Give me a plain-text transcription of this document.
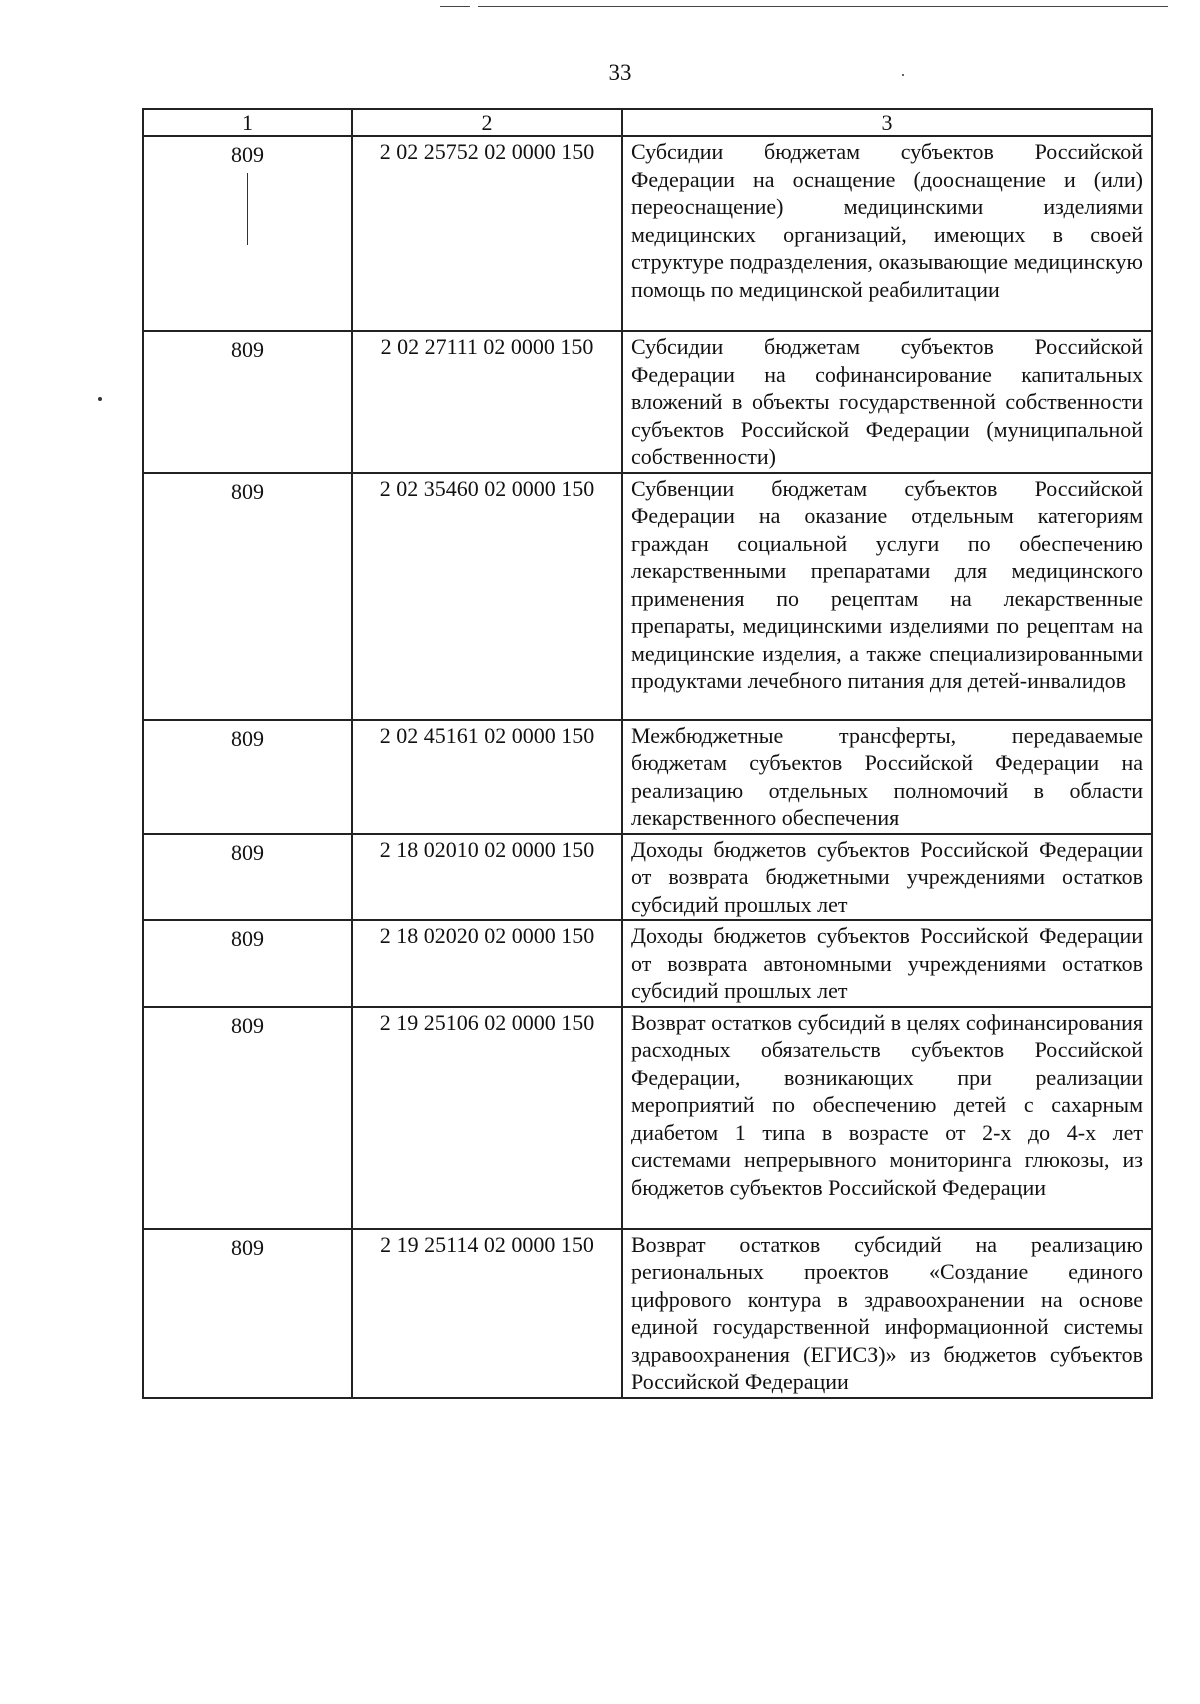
33
1	2	3

809	2 02 25752 02 0000 150	Субсидии бюджетам субъектов Российской Федерации на оснащение (дооснащение и (или) переоснащение) медицинскими изделиями медицинских организаций, имеющих в своей структуре подразделения, оказывающие медицинскую помощь по медицинской реабилитации
809	2 02 27111 02 0000 150	Субсидии бюджетам субъектов Российской Федерации на софинансирование капитальных вложений в объекты государственной собственности субъектов Российской Федерации (муниципальной собственности)
809	2 02 35460 02 0000 150	Субвенции бюджетам субъектов Российской Федерации на оказание отдельным категориям граждан социальной услуги по обеспечению лекарственными препаратами для медицинского применения по рецептам на лекарственные препараты, медицинскими изделиями по рецептам на медицинские изделия, а также специализированными продуктами лечебного питания для детей-инвалидов
809	2 02 45161 02 0000 150	Межбюджетные трансферты, передаваемые бюджетам субъектов Российской Федерации на реализацию отдельных полномочий в области лекарственного обеспечения
809	2 18 02010 02 0000 150	Доходы бюджетов субъектов Российской Федерации от возврата бюджетными учреждениями остатков субсидий прошлых лет
809	2 18 02020 02 0000 150	Доходы бюджетов субъектов Российской Федерации от возврата автономными учреждениями остатков субсидий прошлых лет
809	2 19 25106 02 0000 150	Возврат остатков субсидий в целях софинансирования расходных обязательств субъектов Российской Федерации, возникающих при реализации мероприятий по обеспечению детей с сахарным диабетом 1 типа в возрасте от 2-х до 4-х лет системами непрерывного мониторинга глюкозы, из бюджетов субъектов Российской Федерации
809	2 19 25114 02 0000 150	Возврат остатков субсидий на реализацию региональных проектов «Создание единого цифрового контура в здравоохранении на основе единой государственной информационной системы здравоохранения (ЕГИСЗ)» из бюджетов субъектов Российской Федерации
